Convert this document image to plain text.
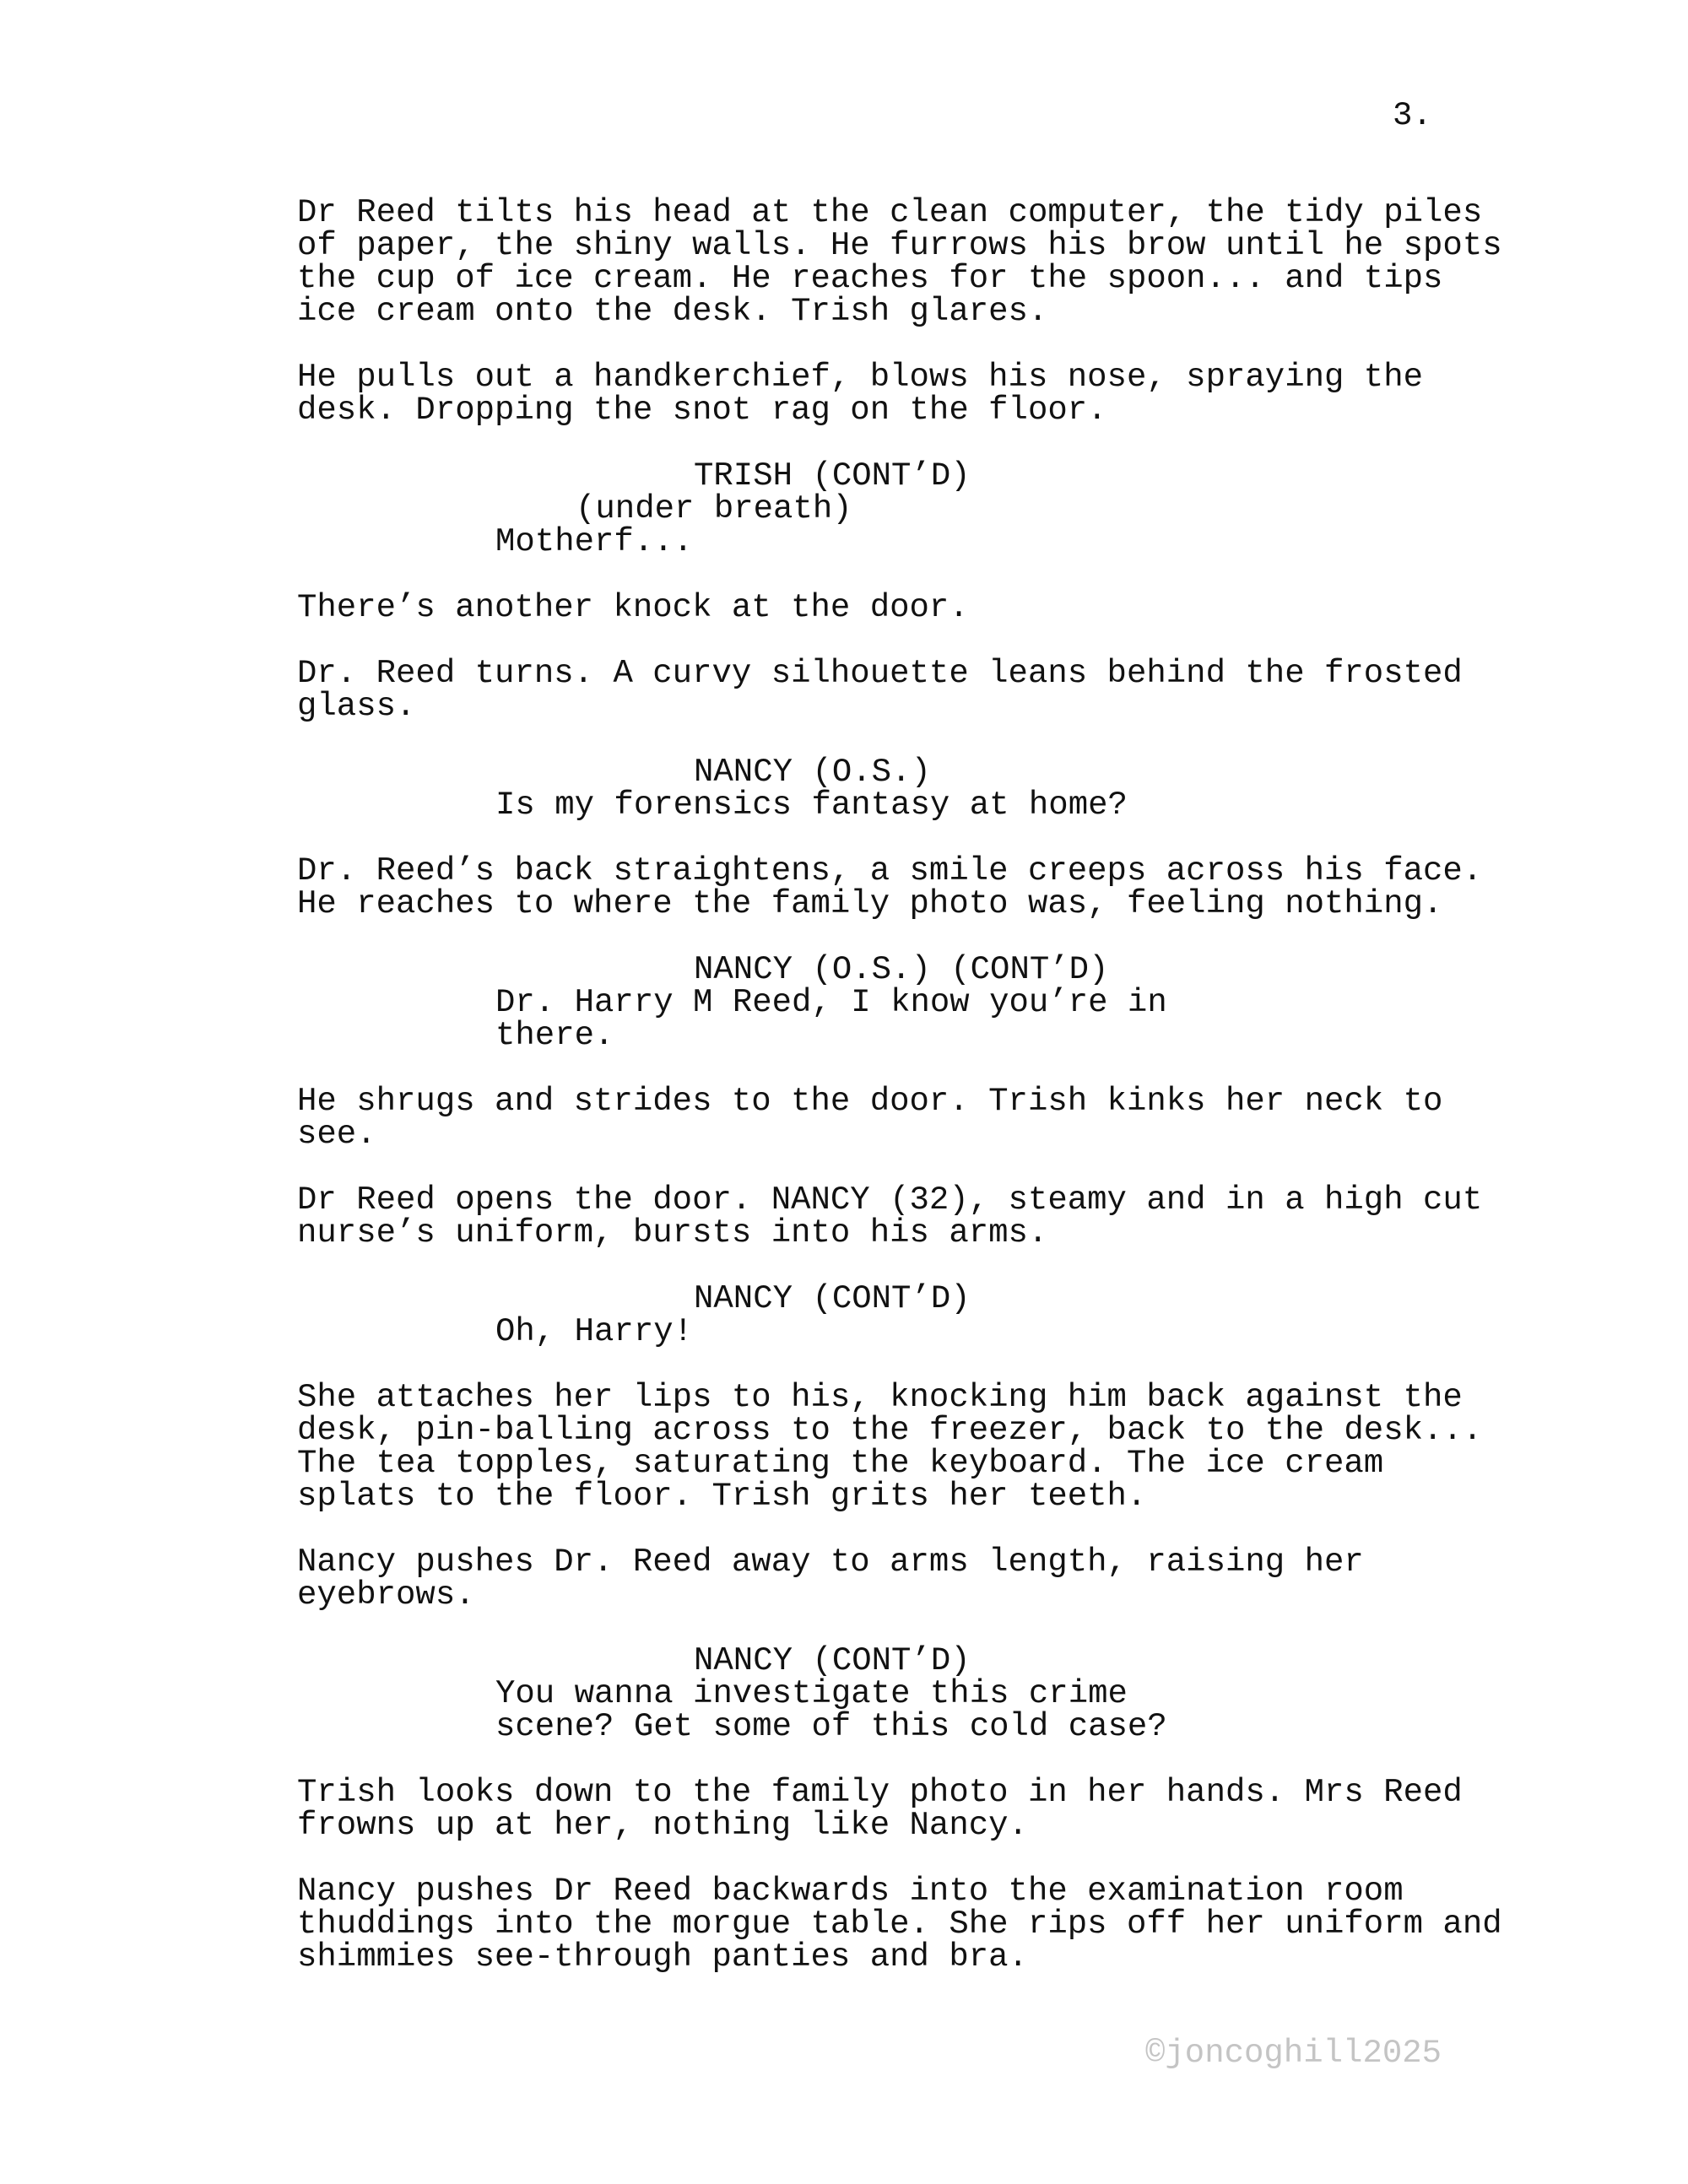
3.
Dr Reed tilts his head at the clean computer, the tidy piles
of paper, the shiny walls. He furrows his brow until he spots
the cup of ice cream. He reaches for the spoon... and tips
ice cream onto the desk. Trish glares.
He pulls out a handkerchief, blows his nose, spraying the
desk. Dropping the snot rag on the floor.
TRISH (CONT’D)
(under breath)
Motherf...
There’s another knock at the door.
Dr. Reed turns. A curvy silhouette leans behind the frosted
glass.
NANCY (O.S.)
Is my forensics fantasy at home?
Dr. Reed’s back straightens, a smile creeps across his face.
He reaches to where the family photo was, feeling nothing.
NANCY (O.S.) (CONT’D)
Dr. Harry M Reed, I know you’re in
there.
He shrugs and strides to the door. Trish kinks her neck to
see.
Dr Reed opens the door. NANCY (32), steamy and in a high cut
nurse’s uniform, bursts into his arms.
NANCY (CONT’D)
Oh, Harry!
She attaches her lips to his, knocking him back against the
desk, pin-balling across to the freezer, back to the desk...
The tea topples, saturating the keyboard. The ice cream
splats to the floor. Trish grits her teeth.
Nancy pushes Dr. Reed away to arms length, raising her
eyebrows.
NANCY (CONT’D)
You wanna investigate this crime
scene? Get some of this cold case?
Trish looks down to the family photo in her hands. Mrs Reed
frowns up at her, nothing like Nancy.
Nancy pushes Dr Reed backwards into the examination room
thuddings into the morgue table. She rips off her uniform and
shimmies see-through panties and bra.
©joncoghill2025
